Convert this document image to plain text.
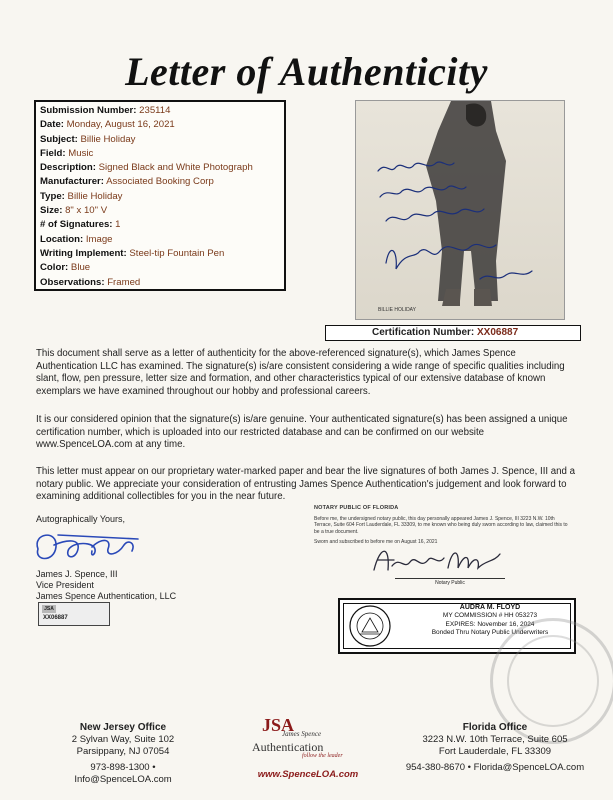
Letter of Authenticity
Submission Number: 235114
Date: Monday, August 16, 2021
Subject: Billie Holiday
Field: Music
Description: Signed Black and White Photograph
Manufacturer: Associated Booking Corp
Type: Billie Holiday
Size: 8" x 10" V
# of Signatures: 1
Location: Image
Writing Implement: Steel-tip Fountain Pen
Color: Blue
Observations: Framed
BILLIE HOLIDAY
Certification Number: XX06887
This document shall serve as a letter of authenticity for the above-referenced signature(s), which James Spence Authentication LLC has examined. The signature(s) is/are consistent considering a wide range of specific qualities including slant, flow, pen pressure, letter size and formation, and other characteristics typical of our extensive database of known exemplars we have examined throughout our hobby and professional careers.
It is our considered opinion that the signature(s) is/are genuine. Your authenticated signature(s) has been assigned a unique certification number, which is uploaded into our restricted database and can be confirmed on our website www.SpenceLOA.com at any time.
This letter must appear on our proprietary water-marked paper and bear the live signatures of both James J. Spence, III and a notary public. We appreciate your consideration of entrusting James Spence Authentication's judgement and look forward to examining additional collectibles for you in the near future.
Autographically Yours,
James J. Spence, III
Vice President
James Spence Authentication, LLC
JSA
XX06887
NOTARY PUBLIC OF FLORIDA
Before me, the undersigned notary public, this day personally appeared James J. Spence, III 3223 N.W. 10th Terrace, Suite 604 Fort Lauderdale, FL 33309, to me known who being duly sworn according to law, claimed this to be a true document.
Sworn and subscribed to before me on August 16, 2021
Notary Public
AUDRA M. FLOYD
MY COMMISSION # HH 053273
EXPIRES: November 16, 2024
Bonded Thru Notary Public Underwriters
New Jersey Office
2 Sylvan Way, Suite 102
Parsippany, NJ 07054
973-898-1300 • Info@SpenceLOA.com
JSA
James Spence
Authentication
follow the leader
www.SpenceLOA.com
Florida Office
3223 N.W. 10th Terrace, Suite 605
Fort Lauderdale, FL 33309
954-380-8670 • Florida@SpenceLOA.com
